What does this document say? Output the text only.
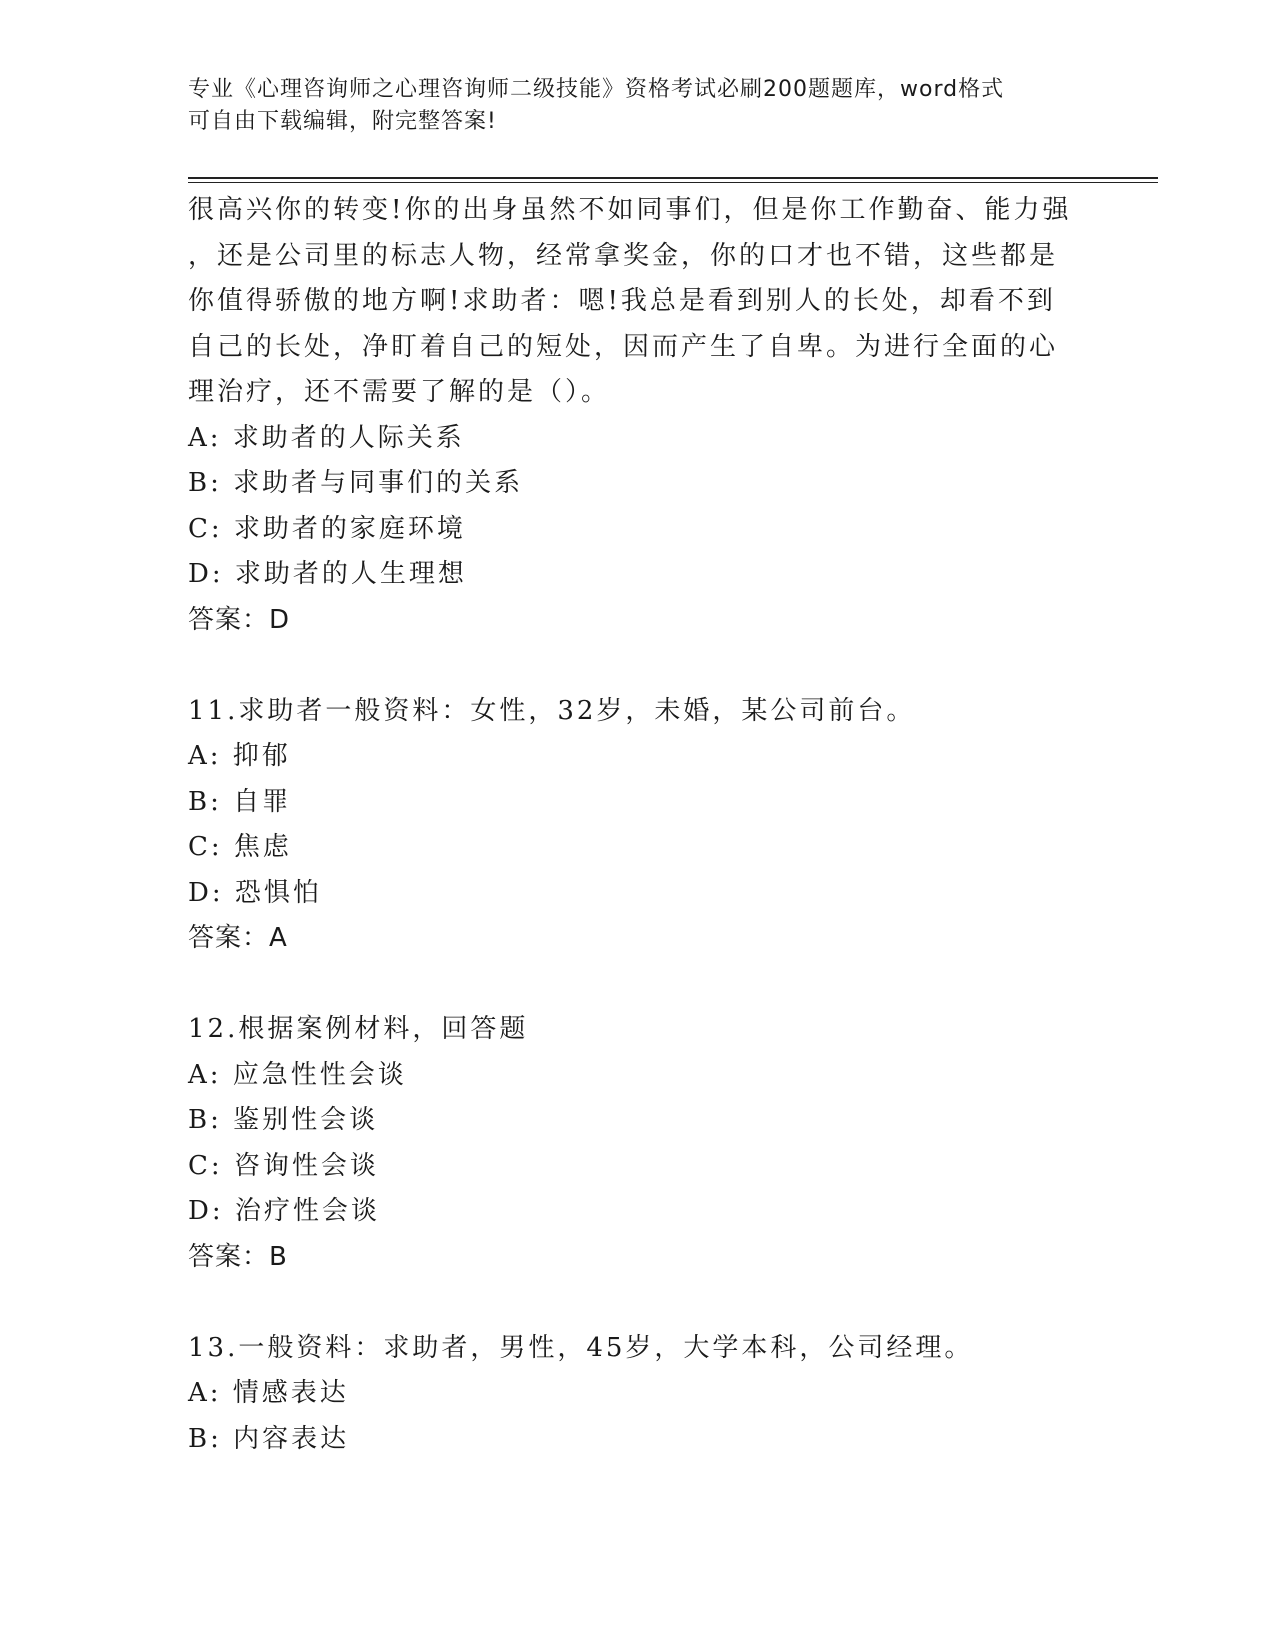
专业《心理咨询师之心理咨询师二级技能》资格考试必刷200题题库，word格式
可自由下载编辑，附完整答案!

很高兴你的转变!你的出身虽然不如同事们，但是你工作勤奋、能力强

，还是公司里的标志人物，经常拿奖金，你的口才也不错，这些都是

你值得骄傲的地方啊!求助者：嗯!我总是看到别人的长处，却看不到

自己的长处，净盯着自己的短处，因而产生了自卑。为进行全面的心

理治疗，还不需要了解的是（）。

A: 求助者的人际关系

B: 求助者与同事们的关系

C: 求助者的家庭环境

D: 求助者的人生理想

答案：D

11.求助者一般资料：女性，32岁，未婚，某公司前台。

A: 抑郁

B: 自罪

C: 焦虑

D: 恐惧怕

答案：A

12.根据案例材料，回答题

A: 应急性性会谈

B: 鉴别性会谈

C: 咨询性会谈

D: 治疗性会谈

答案：B

13.一般资料：求助者，男性，45岁，大学本科，公司经理。

A: 情感表达

B: 内容表达
